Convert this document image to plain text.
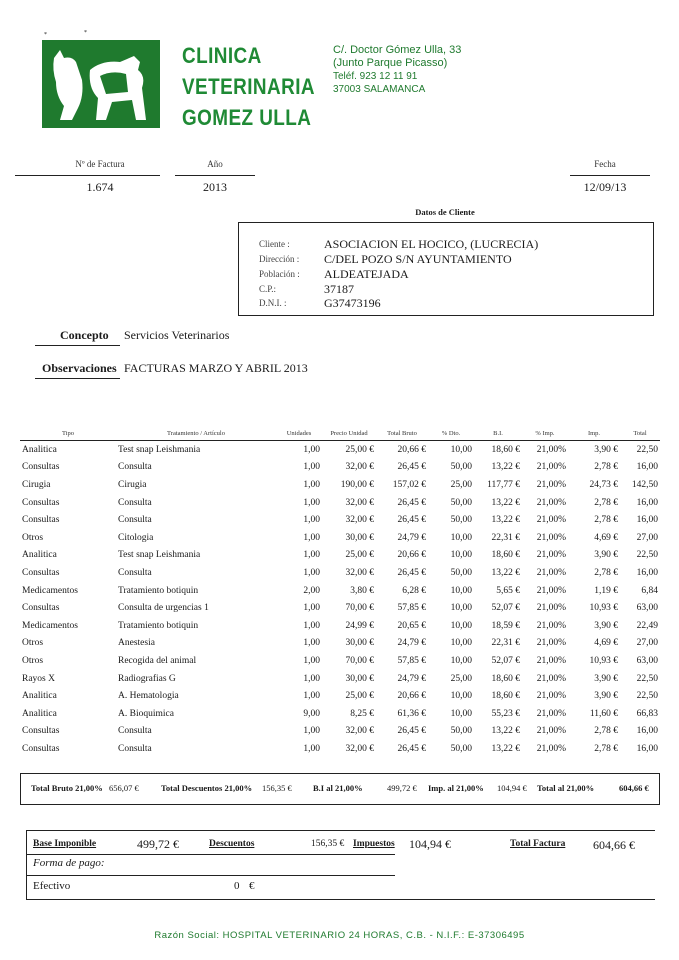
*	*
CLINICA
VETERINARIA
GOMEZ ULLA
C/. Doctor Gómez Ulla, 33
(Junto Parque Picasso)
Teléf. 923 12 11 91
37003 SALAMANCA
Nº de Factura
1.674
Año
2013
Fecha
12/09/13
Datos de Cliente
Cliente :	ASOCIACION EL HOCICO, (LUCRECIA)
Dirección : C/DEL POZO S/N AYUNTAMIENTO
Población : ALDEATEJADA
C.P.:	37187
D.N.I. :	G37473196
Concepto Servicios Veterinarios
Observaciones FACTURAS MARZO Y ABRIL 2013
Tipo	Tratamiento / Artículo	Unidades	Precio Unidad	Total Bruto	% Dto.	B.I.	% Imp.	Imp.	Total
Analitica	Test snap Leishmania	1,00	25,00 €	20,66 €	10,00	18,60 €	21,00%	3,90 €	22,50
Consultas	Consulta	1,00	32,00 €	26,45 €	50,00	13,22 €	21,00%	2,78 €	16,00
Cirugia	Cirugia	1,00	190,00 €	157,02 €	25,00	117,77 €	21,00%	24,73 €	142,50
Consultas	Consulta	1,00	32,00 €	26,45 €	50,00	13,22 €	21,00%	2,78 €	16,00
Consultas	Consulta	1,00	32,00 €	26,45 €	50,00	13,22 €	21,00%	2,78 €	16,00
Otros	Citologia	1,00	30,00 €	24,79 €	10,00	22,31 €	21,00%	4,69 €	27,00
Analitica	Test snap Leishmania	1,00	25,00 €	20,66 €	10,00	18,60 €	21,00%	3,90 €	22,50
Consultas	Consulta	1,00	32,00 €	26,45 €	50,00	13,22 €	21,00%	2,78 €	16,00
Medicamentos	Tratamiento botiquin	2,00	3,80 €	6,28 €	10,00	5,65 €	21,00%	1,19 €	6,84
Consultas	Consulta de urgencias 1	1,00	70,00 €	57,85 €	10,00	52,07 €	21,00%	10,93 €	63,00
Medicamentos	Tratamiento botiquin	1,00	24,99 €	20,65 €	10,00	18,59 €	21,00%	3,90 €	22,49
Otros	Anestesia	1,00	30,00 €	24,79 €	10,00	22,31 €	21,00%	4,69 €	27,00
Otros	Recogida del animal	1,00	70,00 €	57,85 €	10,00	52,07 €	21,00%	10,93 €	63,00
Rayos X	Radiografias G	1,00	30,00 €	24,79 €	25,00	18,60 €	21,00%	3,90 €	22,50
Analitica	A. Hematologia	1,00	25,00 €	20,66 €	10,00	18,60 €	21,00%	3,90 €	22,50
Analitica	A. Bioquimica	9,00	8,25 €	61,36 €	10,00	55,23 €	21,00%	11,60 €	66,83
Consultas	Consulta	1,00	32,00 €	26,45 €	50,00	13,22 €	21,00%	2,78 €	16,00
Consultas	Consulta	1,00	32,00 €	26,45 €	50,00	13,22 €	21,00%	2,78 €	16,00
Total Bruto 21,00% 656,07 €	Total Descuentos 21,00% 156,35 €	B.I al 21,00%	499,72 € Imp. al 21,00% 104,94 € Total al 21,00%	604,66 €
Base Imponible	499,72 €	Descuentos	156,35 € Impuestos 104,94 €	Total Factura 604,66 €
Forma de pago:
Efectivo	0 €
Razón Social: HOSPITAL VETERINARIO 24 HORAS, C.B. - N.I.F.: E-37306495
